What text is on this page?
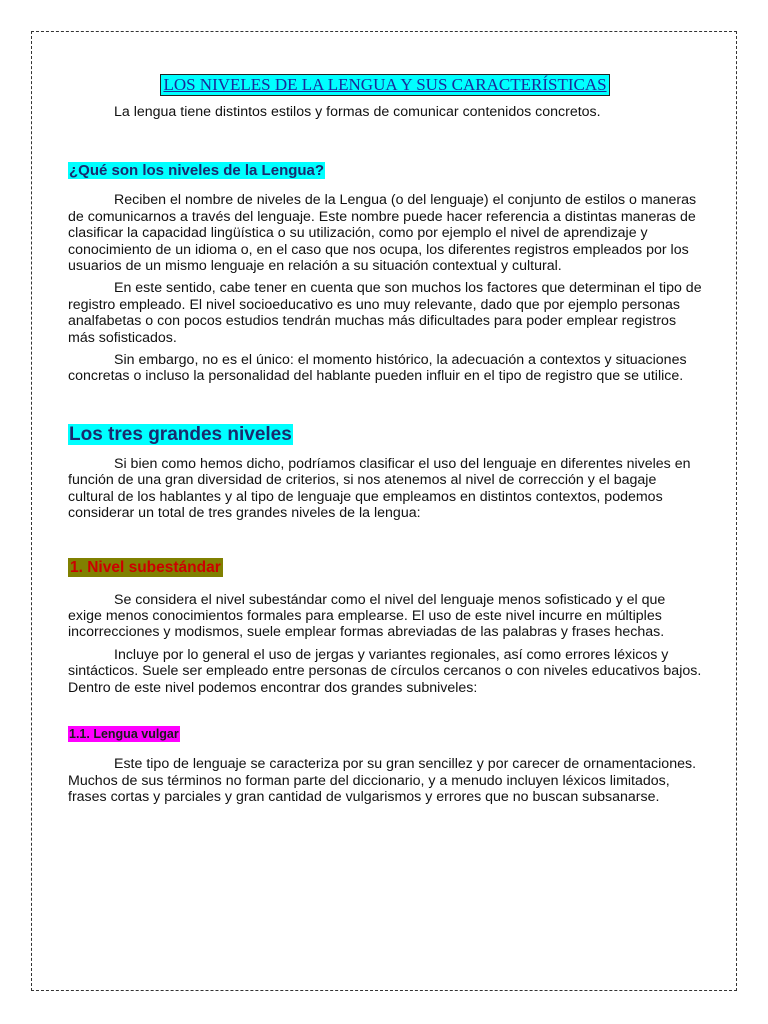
LOS NIVELES DE LA LENGUA Y SUS CARACTERÍSTICAS
La lengua tiene distintos estilos y formas de comunicar contenidos concretos.
¿Qué son los niveles de la Lengua?

Reciben el nombre de niveles de la Lengua (o del lenguaje) el conjunto de estilos o maneras de comunicarnos a través del lenguaje. Este nombre puede hacer referencia a distintas maneras de clasificar la capacidad lingüística o su utilización, como por ejemplo el nivel de aprendizaje y conocimiento de un idioma o, en el caso que nos ocupa, los diferentes registros empleados por los usuarios de un mismo lenguaje en relación a su situación contextual y cultural.

En este sentido, cabe tener en cuenta que son muchos los factores que determinan el tipo de registro empleado. El nivel socioeducativo es uno muy relevante, dado que por ejemplo personas analfabetas o con pocos estudios tendrán muchas más dificultades para poder emplear registros más sofisticados.

Sin embargo, no es el único: el momento histórico, la adecuación a contextos y situaciones concretas o incluso la personalidad del hablante pueden influir en el tipo de registro que se utilice.

Los tres grandes niveles

Si bien como hemos dicho, podríamos clasificar el uso del lenguaje en diferentes niveles en función de una gran diversidad de criterios, si nos atenemos al nivel de corrección y el bagaje cultural de los hablantes y al tipo de lenguaje que empleamos en distintos contextos, podemos considerar un total de tres grandes niveles de la lengua:

1. Nivel subestándar

Se considera el nivel subestándar como el nivel del lenguaje menos sofisticado y el que exige menos conocimientos formales para emplearse. El uso de este nivel incurre en múltiples incorrecciones y modismos, suele emplear formas abreviadas de las palabras y frases hechas.

Incluye por lo general el uso de jergas y variantes regionales, así como errores léxicos y sintácticos. Suele ser empleado entre personas de círculos cercanos o con niveles educativos bajos. Dentro de este nivel podemos encontrar dos grandes subniveles:

1.1. Lengua vulgar

Este tipo de lenguaje se caracteriza por su gran sencillez y por carecer de ornamentaciones. Muchos de sus términos no forman parte del diccionario, y a menudo incluyen léxicos limitados, frases cortas y parciales y gran cantidad de vulgarismos y errores que no buscan subsanarse.
